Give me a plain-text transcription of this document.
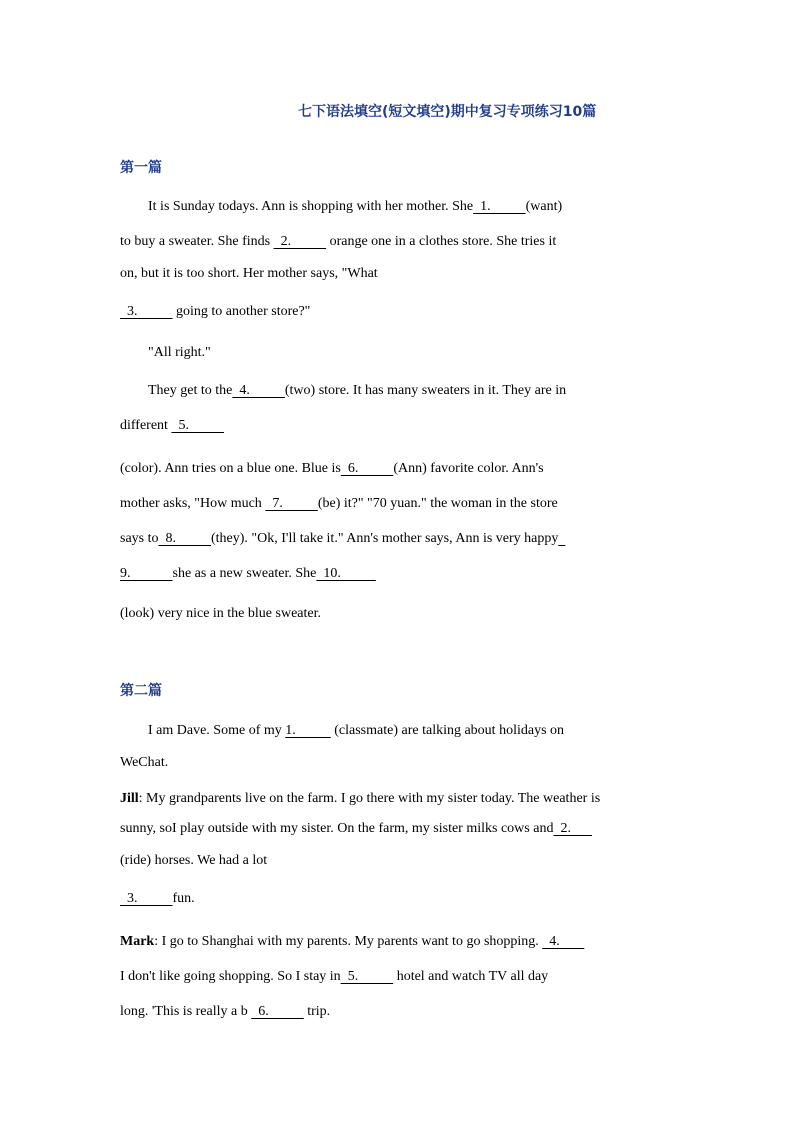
七下语法填空(短文填空)期中复习专项练习10篇
第一篇
It is Sunday todays. Ann is shopping with her mother. She  1.          (want)
to buy a sweater. She finds   2.           orange one in a clothes store. She tries it
on, but it is too short. Her mother says, "What
3.           going to another store?"
"All right."
They get to the  4.          (two) store. It has many sweaters in it. They are in
different   5.
(color). Ann tries on a blue one. Blue is  6.          (Ann) favorite color. Ann's
mother asks, "How much   7.          (be) it?" "70 yuan." the woman in the store
says to  8.          (they). "Ok, I'll take it." Ann's mother says, Ann is very happy
9.            she as a new sweater. She  10.
(look) very nice in the blue sweater.
第二篇
I am Dave. Some of my 1.           (classmate) are talking about holidays on
WeChat.
Jill: My grandparents live on the farm. I go there with my sister today. The weather is
sunny, soI play outside with my sister. On the farm, my sister milks cows and  2.
(ride) horses. We had a lot
3.          fun.
Mark: I go to Shanghai with my parents. My parents want to go shopping.   4.
I don't like going shopping. So I stay in  5.           hotel and watch TV all day
long. 'This is really a b   6.           trip.
